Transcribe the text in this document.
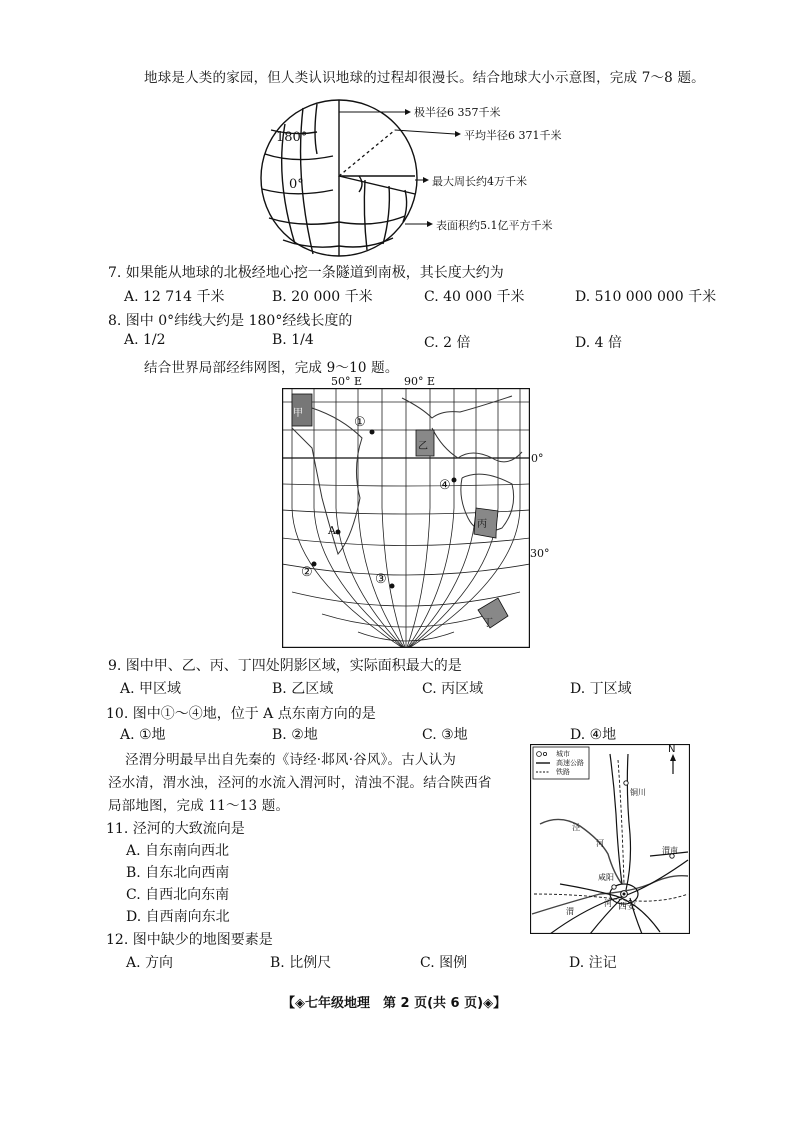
地球是人类的家园，但人类认识地球的过程却很漫长。结合地球大小示意图，完成 7～8 题。
180°
0°
极半径6 357千米
平均半径6 371千米
最大周长约4万千米
表面积约5.1亿平方千米
7. 如果能从地球的北极经地心挖一条隧道到南极，其长度大约为
A. 12 714 千米	B. 20 000 千米	C. 40 000 千米	D. 510 000 000 千米
8. 图中 0°纬线大约是 180°经线长度的
A. 1/2	B. 1/4	C. 2 倍	D. 4 倍
结合世界局部经纬网图，完成 9～10 题。
50° E	90° E
0°
30°
甲
乙
丙
丁
A
①
②	③
④
9. 图中甲、乙、丙、丁四处阴影区域，实际面积最大的是
A. 甲区域	B. 乙区域	C. 丙区域	D. 丁区域
10. 图中①～④地，位于 A 点东南方向的是
A. ①地	B. ②地	C. ③地	D. ④地
泾渭分明最早出自先秦的《诗经·邶风·谷风》。古人认为
泾水清，渭水浊，泾河的水流入渭河时，清浊不混。结合陕西省
局部地图，完成 11～13 题。
11. 泾河的大致流向是
A. 自东南向西北
B. 自东北向西南
C. 自西北向东南
D. 自西南向东北
12. 图中缺少的地图要素是
A. 方向	B. 比例尺	C. 图例	D. 注记
城市
高速公路
铁路
N
铜川
渭南
咸阳
西安
泾
河
渭
河
【◈七年级地理　第 2 页(共 6 页)◈】
